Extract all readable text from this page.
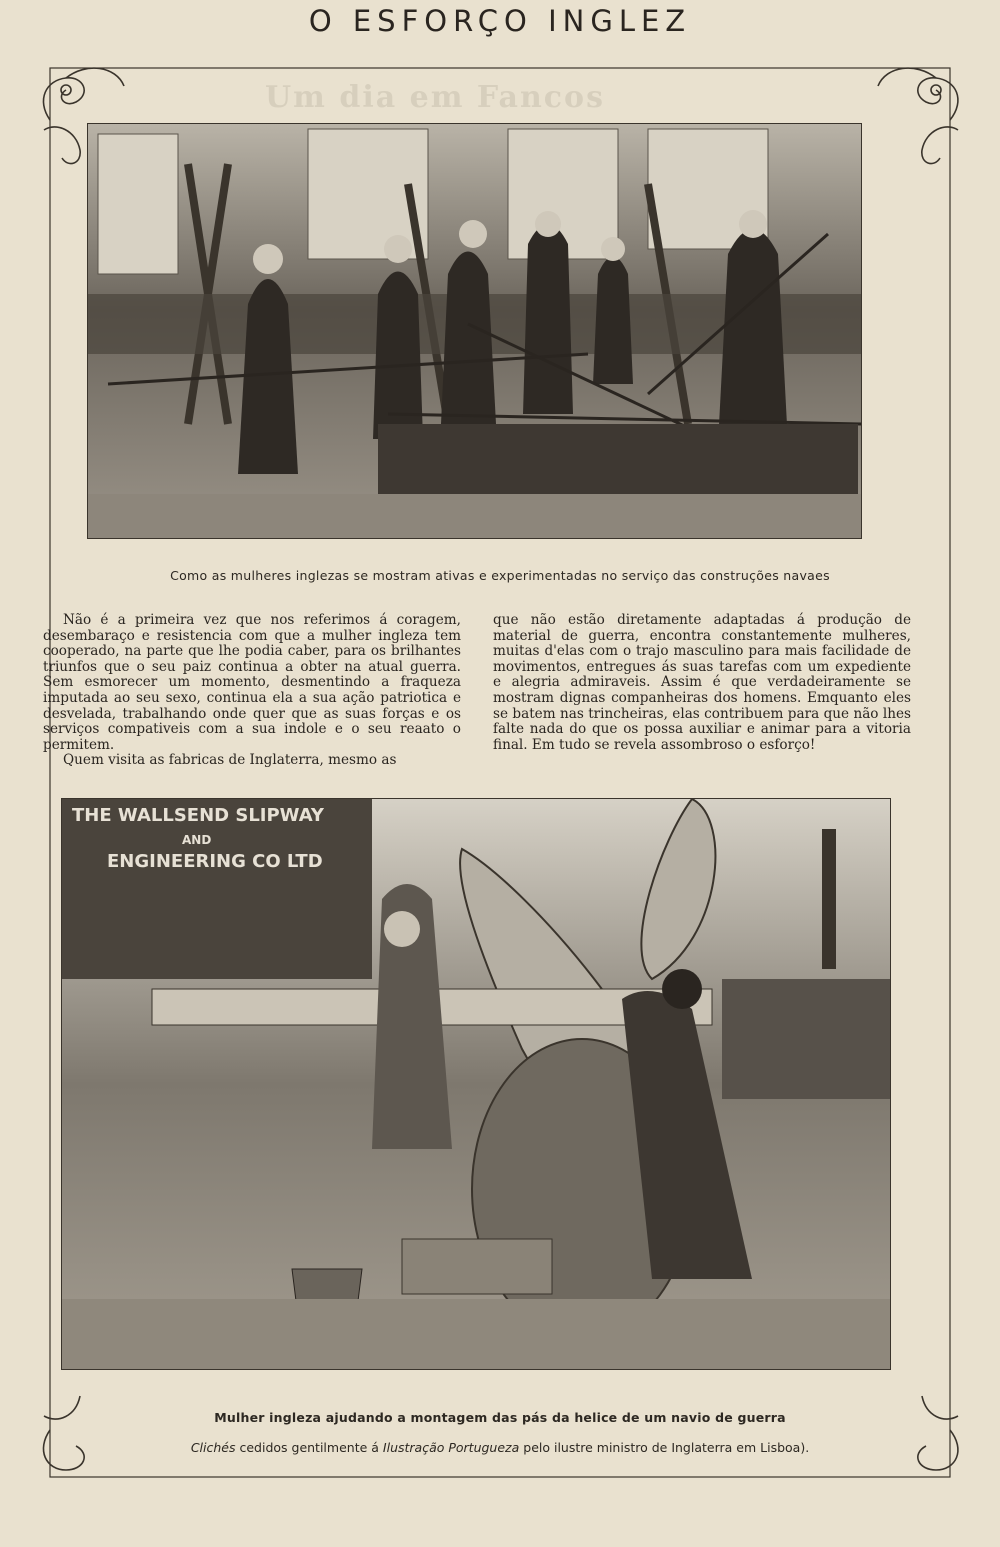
O ESFORÇO INGLEZ
Um dia em Fancos
Como as mulheres inglezas se mostram ativas e experimentadas no serviço das construções navaes

Não é a primeira vez que nos referimos á coragem, desembaraço e resistencia com que a mulher ingleza tem cooperado, na parte que lhe podia caber, para os brilhantes triunfos que o seu paiz continua a obter na atual guerra. Sem esmorecer um momento, desmentindo a fraqueza imputada ao seu sexo, continua ela a sua ação patriotica e desvelada, trabalhando onde quer que as suas forças e os serviços compativeis com a sua indole e o seu reaato o permitem.

Quem visita as fabricas de Inglaterra, mesmo as

que não estão diretamente adaptadas á produção de material de guerra, encontra constantemente mulheres, muitas d'elas com o trajo masculino para mais facilidade de movimentos, entregues ás suas tarefas com um expediente e alegria admiraveis. Assim é que verdadeiramente se mostram dignas companheiras dos homens. Emquanto eles se batem nas trincheiras, elas contribuem para que não lhes falte nada do que os possa auxiliar e animar para a vitoria final. Em tudo se revela assombroso o esforço!

THE WALLSEND SLIPWAY
AND
ENGINEERING CO LTD
Mulher ingleza ajudando a montagem das pás da helice de um navio de guerra
Clichés cedidos gentilmente á Ilustração Portugueza pelo ilustre ministro de Inglaterra em Lisboa).
